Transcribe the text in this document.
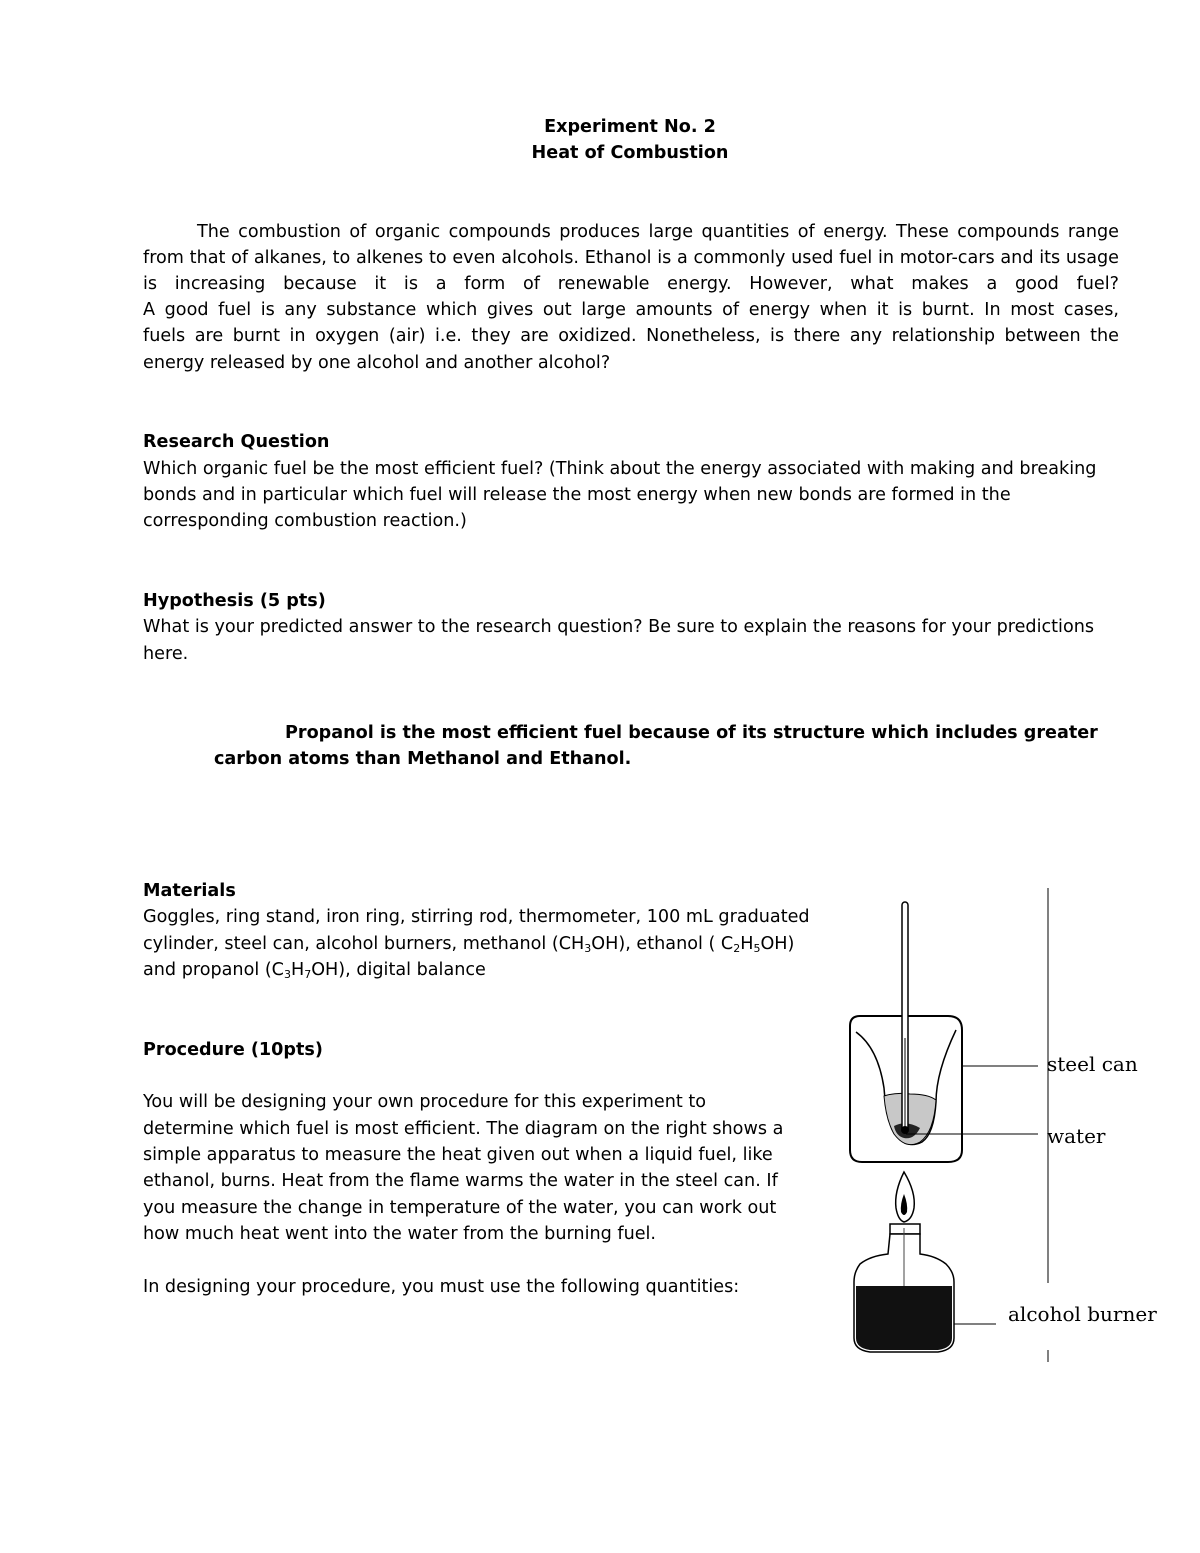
Experiment No. 2
Heat of Combustion
The combustion of organic compounds produces large quantities of energy. These compounds range
from that of alkanes, to alkenes to even alcohols. Ethanol is a commonly used fuel in motor-cars and its usage
is increasing because it is a form of renewable energy. However, what makes a good fuel?
A good fuel is any substance which gives out large amounts of energy when it is burnt. In most cases,
fuels are burnt in oxygen (air) i.e. they are oxidized. Nonetheless, is there any relationship between the
energy released by one alcohol and another alcohol?
Research Question
Which organic fuel be the most efficient fuel? (Think about the energy associated with making and breaking
bonds and in particular which fuel will release the most energy when new bonds are formed in the
corresponding combustion reaction.)
Hypothesis (5 pts)
What is your predicted answer to the research question? Be sure to explain the reasons for your predictions
here.
Propanol is the most efficient fuel because of its structure which includes greater
carbon atoms than Methanol and Ethanol.
Materials
Goggles, ring stand, iron ring, stirring rod, thermometer, 100 mL graduated
cylinder, steel can, alcohol burners, methanol $(CH_3OH)$, ethanol ( $C_2H_5OH$)
and propanol $(C_3H_7OH)$, digital balance
Procedure (10pts)
You will be designing your own procedure for this experiment to
determine which fuel is most efficient. The diagram on the right shows a
simple apparatus to measure the heat given out when a liquid fuel, like
ethanol, burns. Heat from the flame warms the water in the steel can. If
you measure the change in temperature of the water, you can work out
how much heat went into the water from the burning fuel.
In designing your procedure, you must use the following quantities:
steel can
water
alcohol burner
